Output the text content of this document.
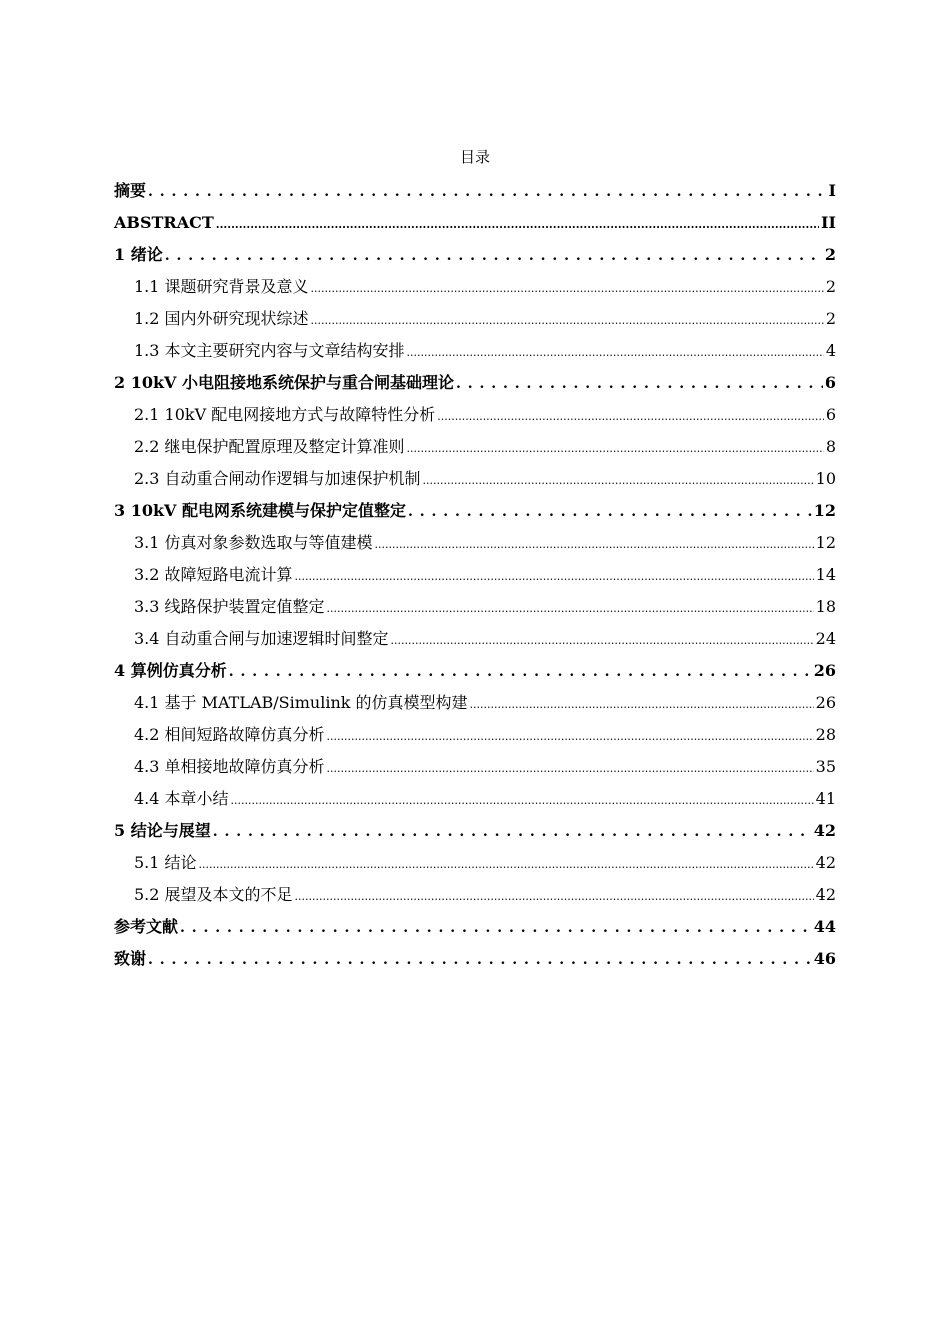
目录
摘要 . . .	I
ABSTRACT .....	II
1 绪论 . . .	2
1.1 课题研究背景及意义 .....	2
1.2 国内外研究现状综述 .....	2
1.3 本文主要研究内容与文章结构安排 .....	4
2 10kV 小电阻接地系统保护与重合闸基础理论 . . .	6
2.1 10kV 配电网接地方式与故障特性分析 .....	6
2.2 继电保护配置原理及整定计算准则 .....	8
2.3 自动重合闸动作逻辑与加速保护机制 .....	10
3 10kV 配电网系统建模与保护定值整定 . . .	12
3.1 仿真对象参数选取与等值建模 .....	12
3.2 故障短路电流计算 .....	14
3.3 线路保护装置定值整定 .....	18
3.4 自动重合闸与加速逻辑时间整定 .....	24
4 算例仿真分析 . . .	26
4.1 基于 MATLAB/Simulink 的仿真模型构建 .....	26
4.2 相间短路故障仿真分析 .....	28
4.3 单相接地故障仿真分析 .....	35
4.4 本章小结 .....	41
5 结论与展望 . . .	42
5.1 结论 .....	42
5.2 展望及本文的不足 .....	42
参考文献 . . .	44
致谢 . . .	46
